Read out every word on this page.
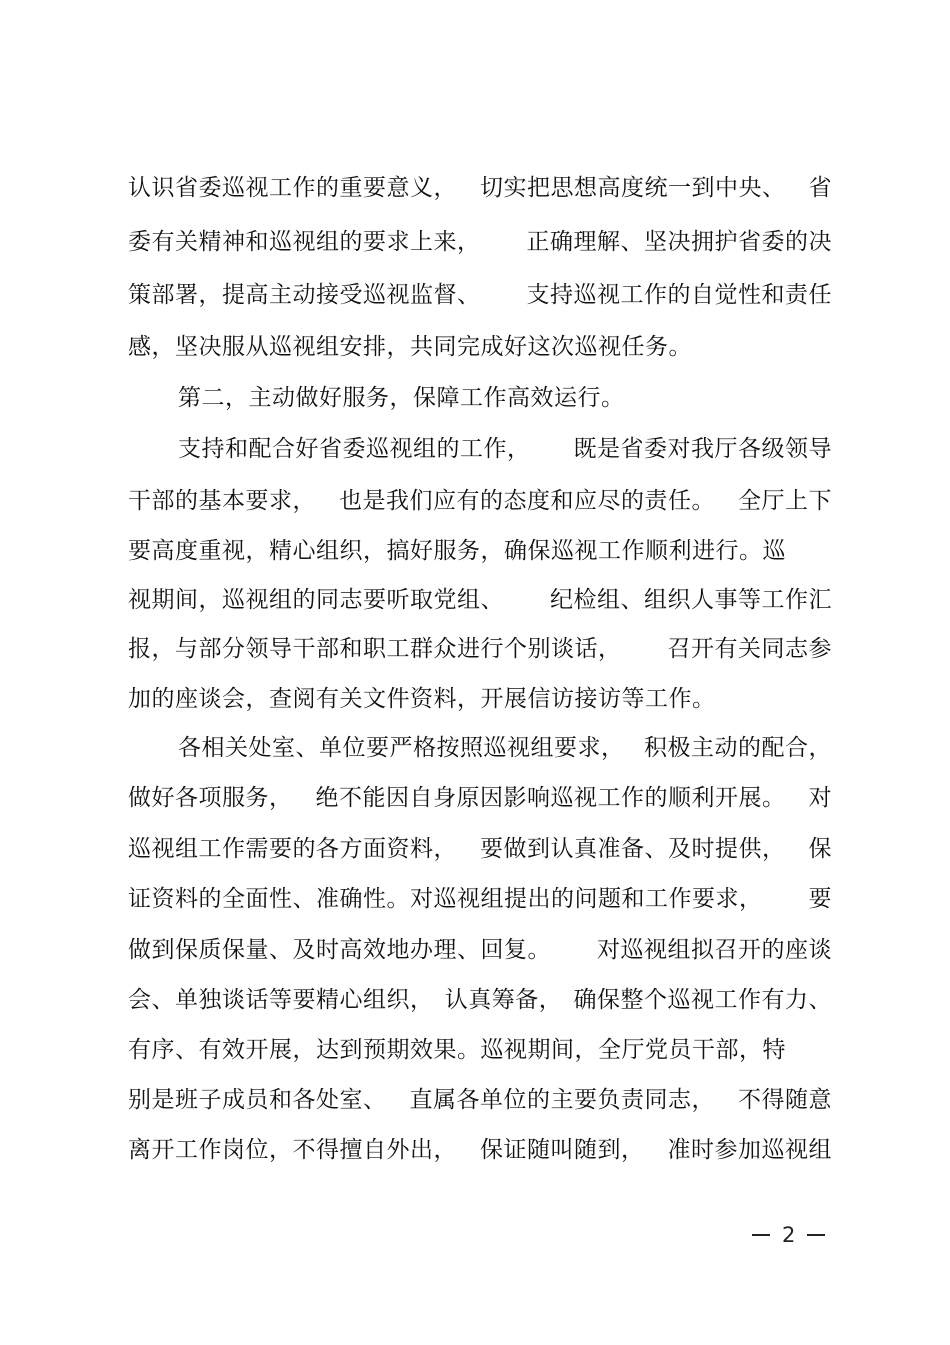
认识省委巡视工作的重要意义， 切实把思想高度统一到中央、 省
委有关精神和巡视组的要求上来， 正确理解、坚决拥护省委的决
策部署，提高主动接受巡视监督、 支持巡视工作的自觉性和责任
感，坚决服从巡视组安排，共同完成好这次巡视任务。
第二，主动做好服务，保障工作高效运行。
支持和配合好省委巡视组的工作， 既是省委对我厅各级领导
干部的基本要求， 也是我们应有的态度和应尽的责任。 全厅上下
要高度重视，精心组织，搞好服务，确保巡视工作顺利进行。巡
视期间，巡视组的同志要听取党组、 纪检组、组织人事等工作汇
报，与部分领导干部和职工群众进行个别谈话， 召开有关同志参
加的座谈会，查阅有关文件资料，开展信访接访等工作。
各相关处室、单位要严格按照巡视组要求， 积极主动的配合，
做好各项服务， 绝不能因自身原因影响巡视工作的顺利开展。 对
巡视组工作需要的各方面资料， 要做到认真准备、及时提供， 保
证资料的全面性、准确性。对巡视组提出的问题和工作要求， 要
做到保质保量、及时高效地办理、回复。 对巡视组拟召开的座谈
会、单独谈话等要精心组织， 认真筹备， 确保整个巡视工作有力、
有序、有效开展，达到预期效果。巡视期间，全厅党员干部，特
别是班子成员和各处室、 直属各单位的主要负责同志， 不得随意
离开工作岗位，不得擅自外出， 保证随叫随到， 准时参加巡视组
2
